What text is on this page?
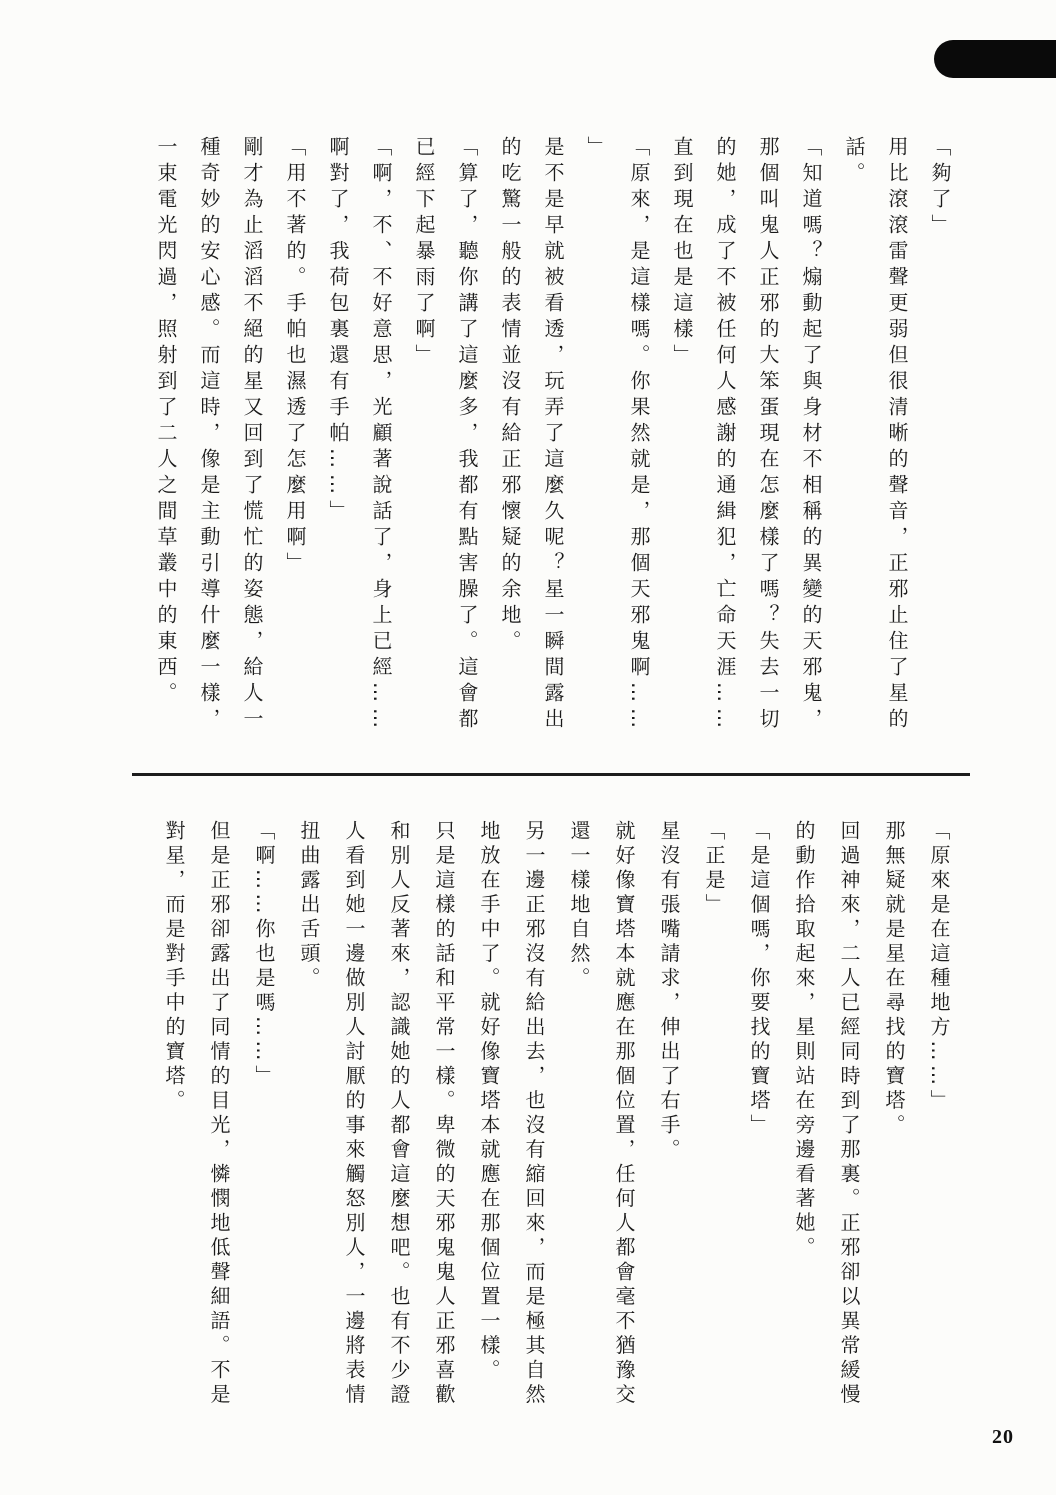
「夠了」
用比滾滾雷聲更弱但很清晰的聲音，正邪止住了星的
話。
「知道嗎？煽動起了與身材不相稱的異變的天邪鬼，
那個叫鬼人正邪的大笨蛋現在怎麼樣了嗎？失去一切
的她，成了不被任何人感謝的通緝犯，亡命天涯……
直到現在也是這樣」
「原來，是這樣嗎。你果然就是，那個天邪鬼啊……
」
是不是早就被看透，玩弄了這麼久呢？星一瞬間露出
的吃驚一般的表情並沒有給正邪懷疑的余地。
「算了，聽你講了這麼多，我都有點害臊了。這會都
已經下起暴雨了啊」
「啊，不、不好意思，光顧著說話了，身上已經……
啊對了，我荷包裏還有手帕……」
「用不著的。手帕也濕透了怎麼用啊」
剛才為止滔滔不絕的星又回到了慌忙的姿態，給人一
種奇妙的安心感。而這時，像是主動引導什麼一樣，
一束電光閃過，照射到了二人之間草叢中的東西。
「原來是在這種地方……」
那無疑就是星在尋找的寶塔。
回過神來，二人已經同時到了那裏。正邪卻以異常緩慢
的動作拾取起來，星則站在旁邊看著她。
「是這個嗎，你要找的寶塔」
「正是」
星沒有張嘴請求，伸出了右手。
就好像寶塔本就應在那個位置，任何人都會毫不猶豫交
還一樣地自然。
另一邊正邪沒有給出去，也沒有縮回來，而是極其自然
地放在手中了。就好像寶塔本就應在那個位置一樣。
只是這樣的話和平常一樣。卑微的天邪鬼鬼人正邪喜歡
和別人反著來，認識她的人都會這麼想吧。也有不少證
人看到她一邊做別人討厭的事來觸怒別人，一邊將表情
扭曲露出舌頭。
「啊……你也是嗎……」
但是正邪卻露出了同情的目光，憐憫地低聲細語。不是
對星，而是對手中的寶塔。
20
